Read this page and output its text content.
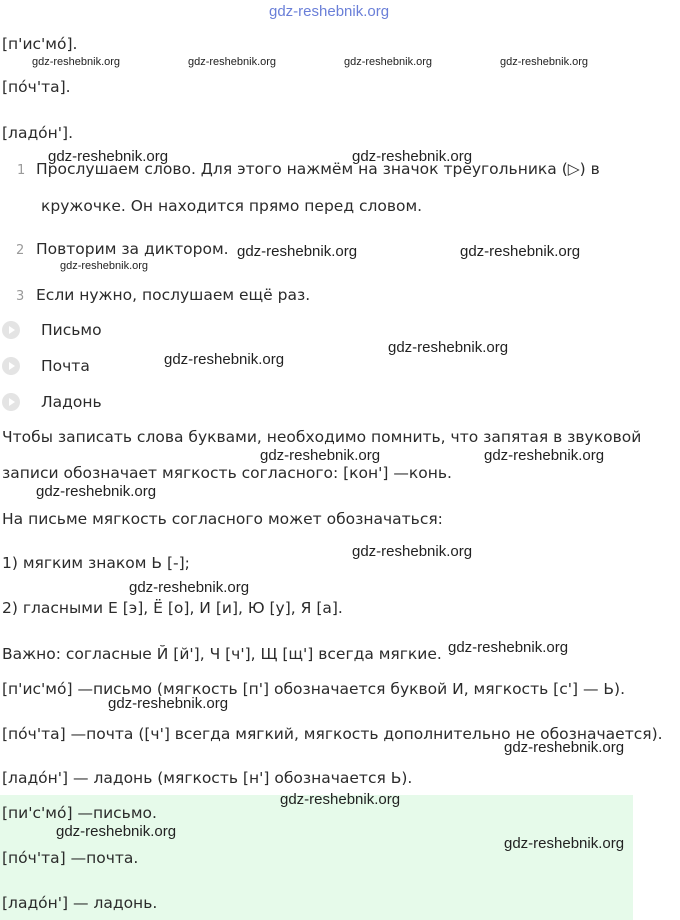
gdz-reshebnik.org
[п'ис'мо́].
gdz-reshebnik.org	gdz-reshebnik.org	gdz-reshebnik.org	gdz-reshebnik.org
[по́ч'та].
[ладо́н'].
gdz-reshebnik.org	gdz-reshebnik.org
1 Прослушаем слово. Для этого нажмём на значок треугольника (▷) в
кружочке. Он находится прямо перед словом.
2 Повторим за диктором. gdz-reshebnik.org	gdz-reshebnik.org
gdz-reshebnik.org
3 Если нужно, послушаем ещё раз.
Письмо
gdz-reshebnik.org
Почта	gdz-reshebnik.org
Ладонь
Чтобы записать слова буквами, необходимо помнить, что запятая в звуковой
gdz-reshebnik.org	gdz-reshebnik.org
записи обозначает мягкость согласного: [кон'] —конь.
gdz-reshebnik.org
На письме мягкость согласного может обозначаться:
gdz-reshebnik.org
1) мягким знаком Ь [-];
gdz-reshebnik.org
2) гласными Е [э], Ё [о], И [и], Ю [у], Я [а].
Важно: согласные Й [й'], Ч [ч'], Щ [щ'] всегда мягкие. gdz-reshebnik.org
[п'ис'мо́] —письмо (мягкость [п'] обозначается буквой И, мягкость [с'] — Ь).
gdz-reshebnik.org
[по́ч'та] —почта ([ч'] всегда мягкий, мягкость дополнительно не обозначается).
gdz-reshebnik.org
[ладо́н'] — ладонь (мягкость [н'] обозначается Ь).
gdz-reshebnik.org
[пи'с'мо́] —письмо.
gdz-reshebnik.org
gdz-reshebnik.org
[по́ч'та] —почта.
[ладо́н'] — ладонь.
